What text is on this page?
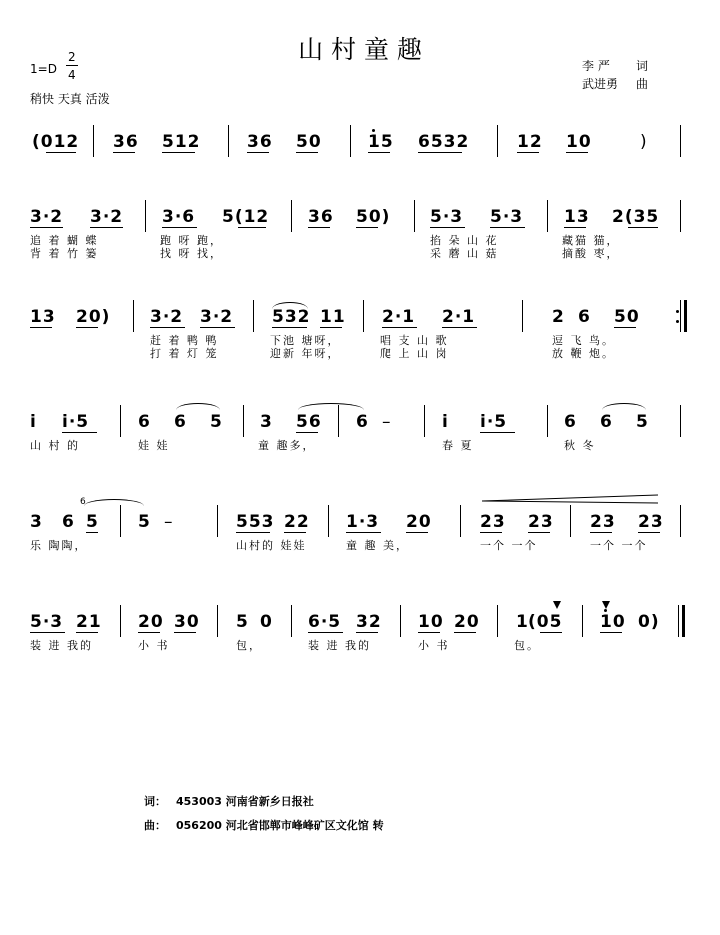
山 村 童 趣
1=D
2
4
稍快 天真 活泼
李 严 词
武进勇 曲
(012 36 512	36 50	15 6532	12 10	)
3·2 3·2 3·6 5(12 36 50) 5·3 5·3 13 2(35
追 着 蝴 蝶	跑 呀 跑，	掐 朵 山 花	藏猫 猫，
背 着 竹 篓	找 呀 找，	采 蘑 山 菇	摘酸 枣，
13 20) 3·2 3·2 532 11 2·1 2·1	2 6 50
赶 着 鸭 鸭	下池 塘呀，	唱 支 山 歌	逗 飞 鸟。
打 着 灯 笼	迎新 年呀，	爬 上 山 岗	放 鞭 炮。
i i·5	6 6 5 3 56 6 –	i i·5	6 6 5
山 村 的	娃 娃	童 趣多，	春 夏	秋 冬
3
6
6 5 5 –	553 22 1·3 20	23 23 23 23
乐 陶陶，	山村的 娃娃	童 趣 美，	一个 一个	一个 一个
5·3 21 20 30 5 0 6·5 32 10 20 1 (05 10 0)
装 进 我的	小 书	包，	装 进 我的	小 书	包。
词： 453003 河南省新乡日报社
曲： 056200 河北省邯郸市峰峰矿区文化馆 转
